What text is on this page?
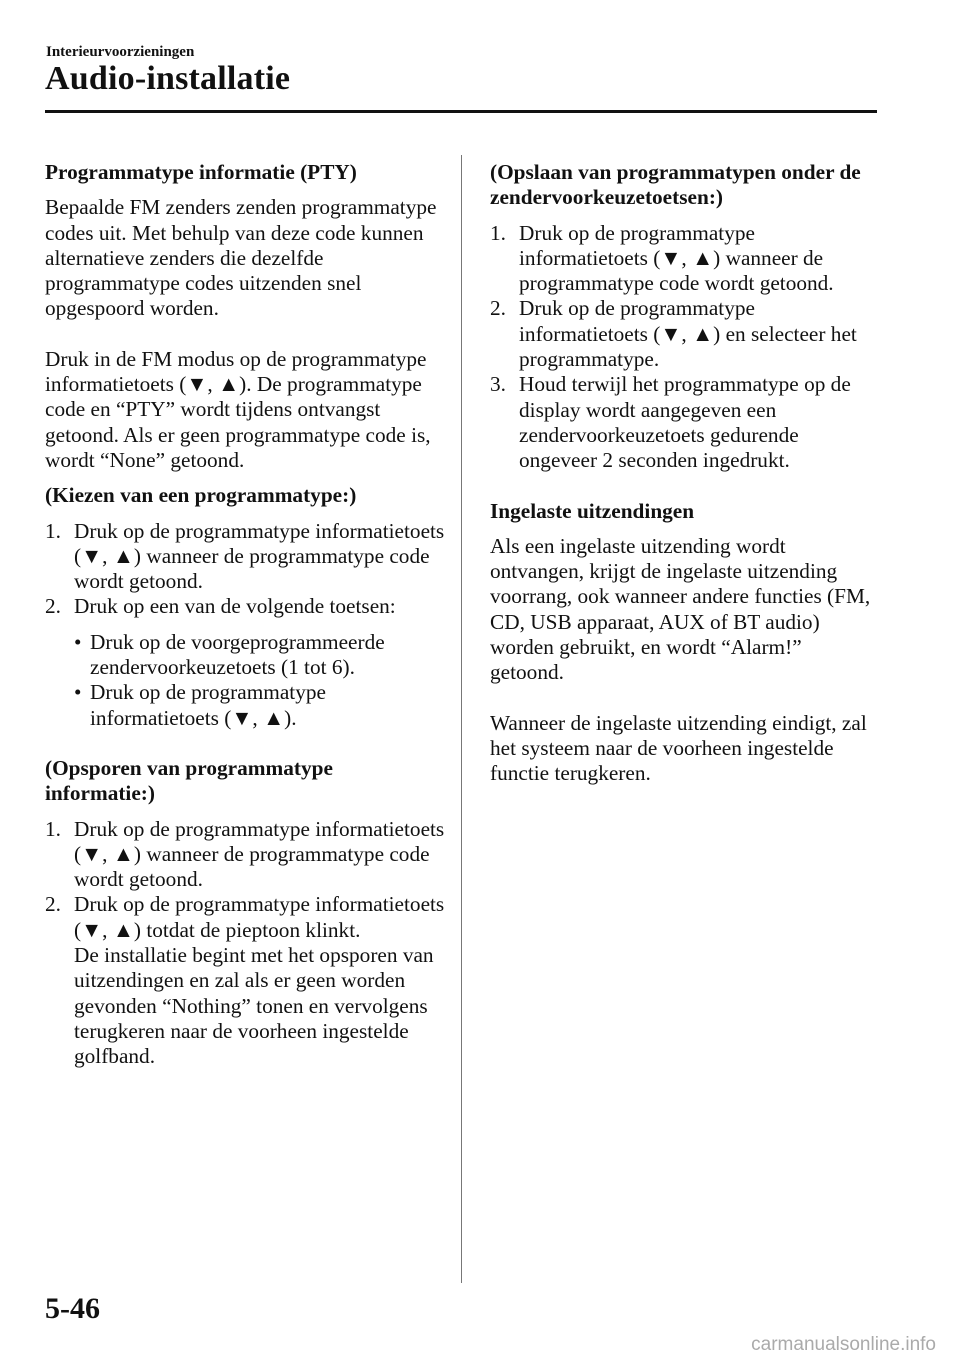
Interieurvoorzieningen
Audio-installatie

Programmatype informatie (PTY)

Bepaalde FM zenders zenden programmatype codes uit. Met behulp van deze code kunnen alternatieve zenders die dezelfde programmatype codes uitzenden snel opgespoord worden.

Druk in de FM modus op de programmatype informatietoets (▼, ▲). De programmatype code en “PTY” wordt tijdens ontvangst getoond. Als er geen programmatype code is, wordt “None” getoond.

(Kiezen van een programmatype:)

1. Druk op de programmatype informatietoets (▼, ▲) wanneer de programmatype code wordt getoond.
2. Druk op een van de volgende toetsen:
• Druk op de voorgeprogrammeerde zendervoorkeuzetoets (1 tot 6).
• Druk op de programmatype informatietoets (▼, ▲).

(Opsporen van programmatype informatie:)

1. Druk op de programmatype informatietoets (▼, ▲) wanneer de programmatype code wordt getoond.
2. Druk op de programmatype informatietoets (▼, ▲) totdat de pieptoon klinkt.
De installatie begint met het opsporen van uitzendingen en zal als er geen worden gevonden “Nothing” tonen en vervolgens terugkeren naar de voorheen ingestelde golfband.

(Opslaan van programmatypen onder de zendervoorkeuzetoetsen:)

1. Druk op de programmatype informatietoets (▼, ▲) wanneer de programmatype code wordt getoond.
2. Druk op de programmatype informatietoets (▼, ▲) en selecteer het programmatype.
3. Houd terwijl het programmatype op de display wordt aangegeven een zendervoorkeuzetoets gedurende ongeveer 2 seconden ingedrukt.

Ingelaste uitzendingen

Als een ingelaste uitzending wordt ontvangen, krijgt de ingelaste uitzending voorrang, ook wanneer andere functies (FM, CD, USB apparaat, AUX of BT audio) worden gebruikt, en wordt “Alarm!” getoond.

Wanneer de ingelaste uitzending eindigt, zal het systeem naar de voorheen ingestelde functie terugkeren.

5-46
carmanualsonline.info
